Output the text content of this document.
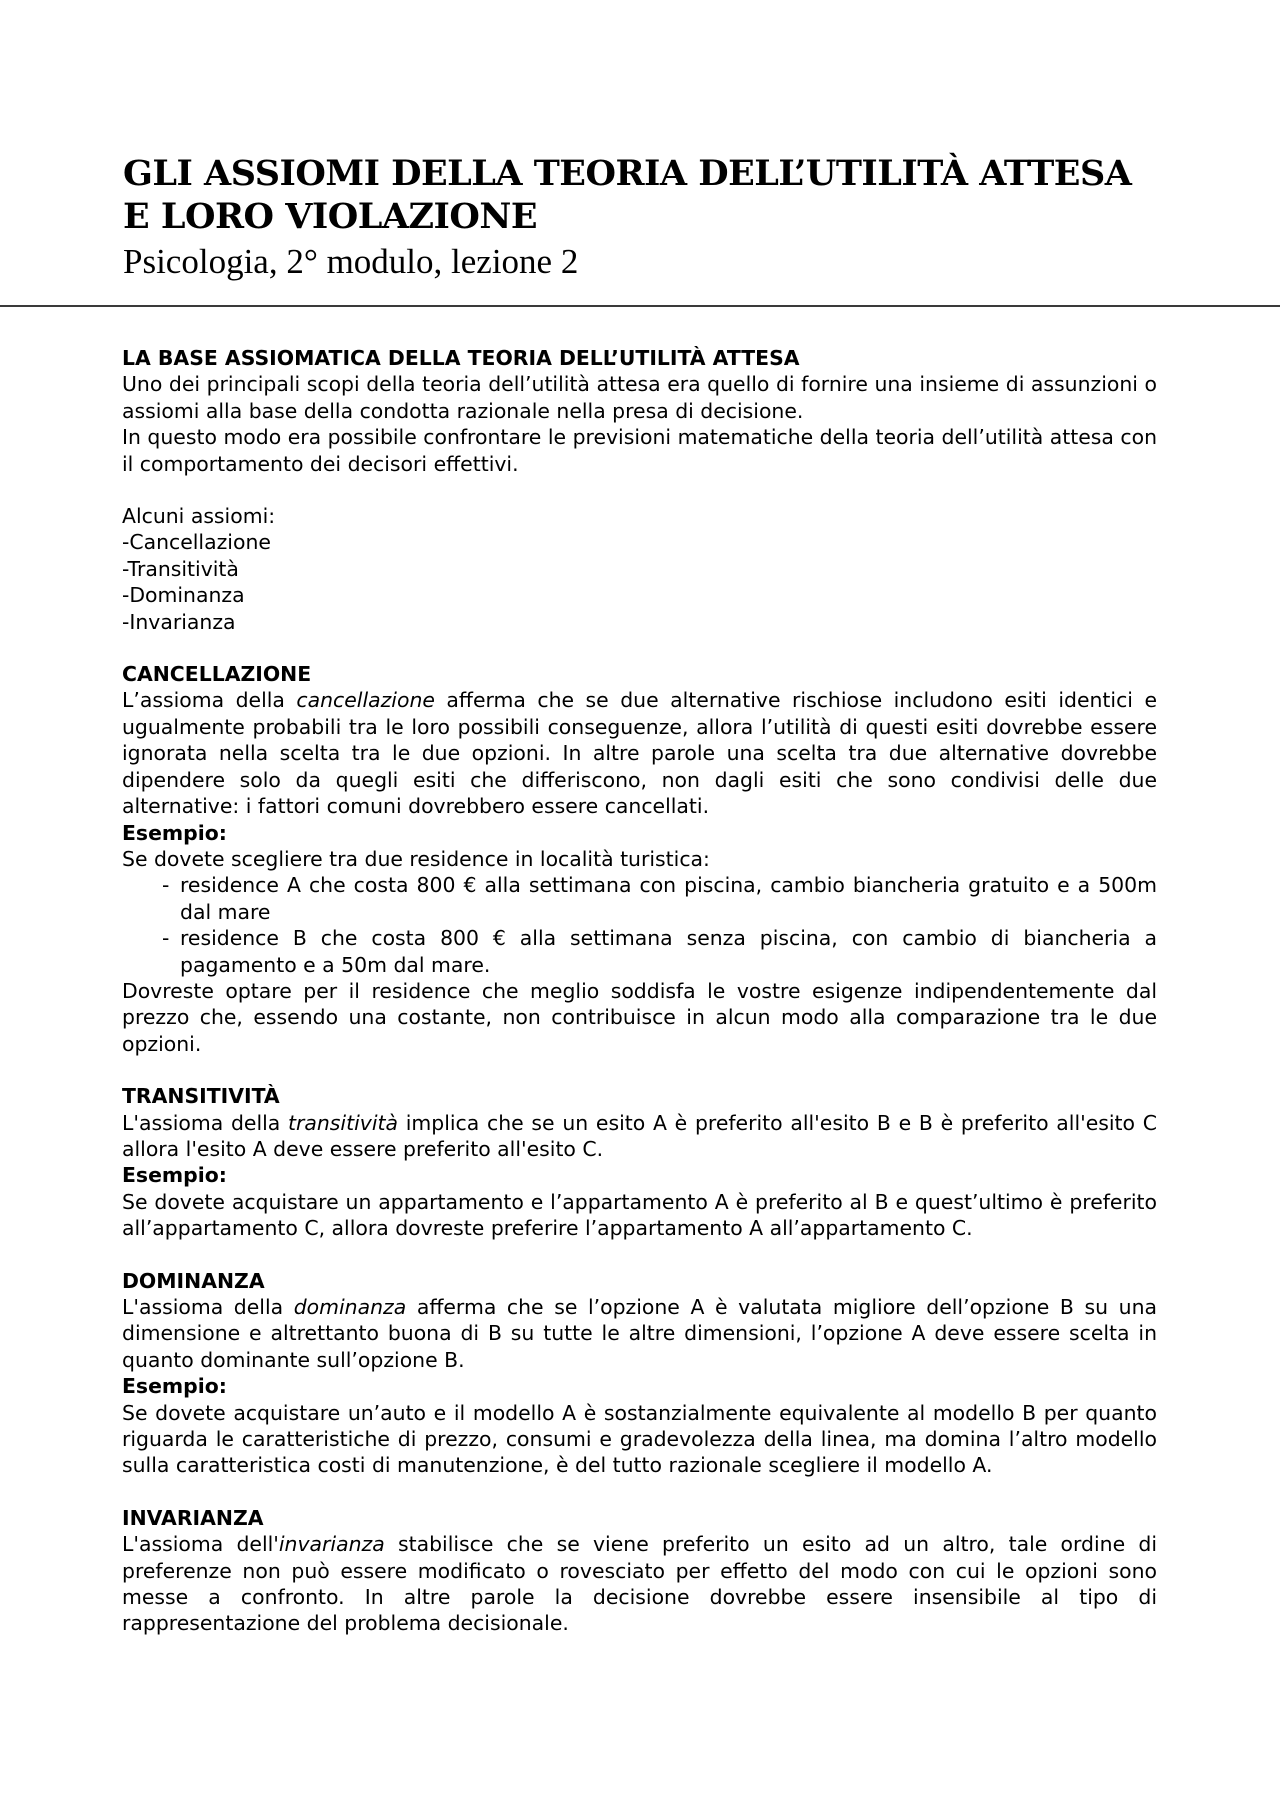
GLI ASSIOMI DELLA TEORIA DELL’UTILITÀ ATTESA
E LORO VIOLAZIONE
Psicologia, 2° modulo, lezione 2

LA BASE ASSIOMATICA DELLA TEORIA DELL’UTILITÀ ATTESA

Uno dei principali scopi della teoria dell’utilità attesa era quello di fornire una insieme di assunzioni o assiomi alla base della condotta razionale nella presa di decisione.

In questo modo era possibile confrontare le previsioni matematiche della teoria dell’utilità attesa con il comportamento dei decisori effettivi.

Alcuni assiomi:

-Cancellazione

-Transitività

-Dominanza

-Invarianza

CANCELLAZIONE

L’assioma della cancellazione afferma che se due alternative rischiose includono esiti identici e ugualmente probabili tra le loro possibili conseguenze, allora l’utilità di questi esiti dovrebbe essere ignorata nella scelta tra le due opzioni. In altre parole una scelta tra due alternative dovrebbe dipendere solo da quegli esiti che differiscono, non dagli esiti che sono condivisi delle due alternative: i fattori comuni dovrebbero essere cancellati.

Esempio:

Se dovete scegliere tra due residence in località turistica:

- residence A che costa 800 € alla settimana con piscina, cambio biancheria gratuito e a 500m dal mare
- residence B che costa 800 € alla settimana senza piscina, con cambio di biancheria a pagamento e a 50m dal mare.

Dovreste optare per il residence che meglio soddisfa le vostre esigenze indipendentemente dal prezzo che, essendo una costante, non contribuisce in alcun modo alla comparazione tra le due opzioni.

TRANSITIVITÀ

L'assioma della transitività implica che se un esito A è preferito all'esito B e B è preferito all'esito C allora l'esito A deve essere preferito all'esito C.

Esempio:

Se dovete acquistare un appartamento e l’appartamento A è preferito al B e quest’ultimo è preferito all’appartamento C, allora dovreste preferire l’appartamento A all’appartamento C.

DOMINANZA

L'assioma della dominanza afferma che se l’opzione A è valutata migliore dell’opzione B su una dimensione e altrettanto buona di B su tutte le altre dimensioni, l’opzione A deve essere scelta in quanto dominante sull’opzione B.

Esempio:

Se dovete acquistare un’auto e il modello A è sostanzialmente equivalente al modello B per quanto riguarda le caratteristiche di prezzo, consumi e gradevolezza della linea, ma domina l’altro modello sulla caratteristica costi di manutenzione, è del tutto razionale scegliere il modello A.

INVARIANZA

L'assioma dell'invarianza stabilisce che se viene preferito un esito ad un altro, tale ordine di preferenze non può essere modificato o rovesciato per effetto del modo con cui le opzioni sono messe a confronto. In altre parole la decisione dovrebbe essere insensibile al tipo di rappresentazione del problema decisionale.
